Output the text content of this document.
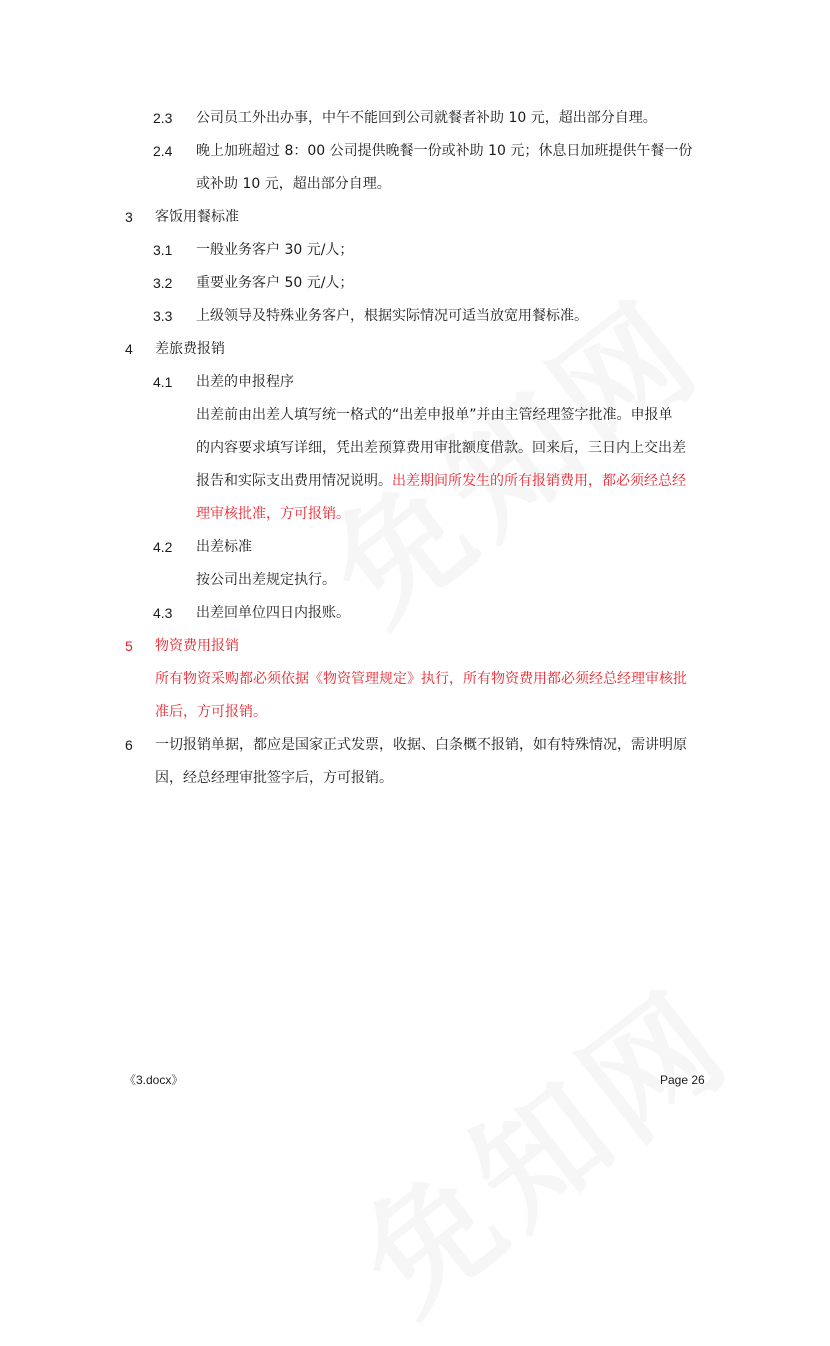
2.3 公司员工外出办事，中午不能回到公司就餐者补助 10 元，超出部分自理。
2.4 晚上加班超过 8：00 公司提供晚餐一份或补助 10 元；休息日加班提供午餐一份
或补助 10 元，超出部分自理。
3 客饭用餐标准
3.1 一般业务客户 30 元/人；
3.2 重要业务客户 50 元/人；
3.3 上级领导及特殊业务客户，根据实际情况可适当放宽用餐标准。
4 差旅费报销
4.1 出差的申报程序
出差前由出差人填写统一格式的“出差申报单”并由主管经理签字批准。申报单
的内容要求填写详细，凭出差预算费用审批额度借款。回来后，三日内上交出差
报告和实际支出费用情况说明。出差期间所发生的所有报销费用，都必须经总经
理审核批准，方可报销。
4.2 出差标准
按公司出差规定执行。
4.3 出差回单位四日内报账。
5 物资费用报销
所有物资采购都必须依据《物资管理规定》执行，所有物资费用都必须经总经理审核批
准后，方可报销。
6 一切报销单据，都应是国家正式发票，收据、白条概不报销，如有特殊情况，需讲明原
因，经总经理审批签字后，方可报销。
《3.docx》	Page 26
